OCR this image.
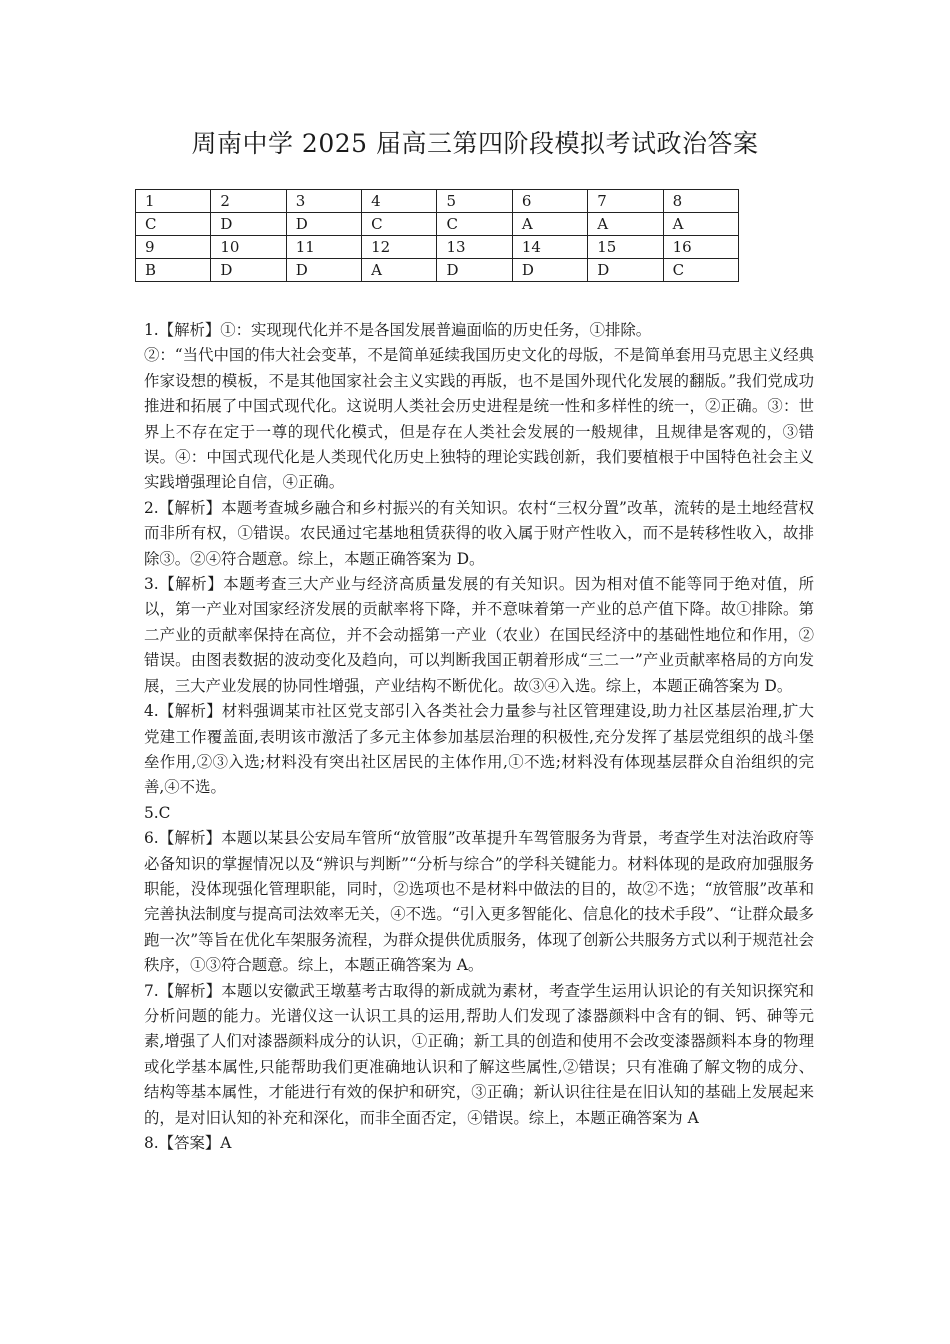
周南中学 2025 届高三第四阶段模拟考试政治答案
1	2	3	4	5	6	7	8
C	D	D	C	C	A	A	A
9	10	11	12	13	14	15	16
B	D	D	A	D	D	D	C

1.【解析】①：实现现代化并不是各国发展普遍面临的历史任务，①排除。

②：“当代中国的伟大社会变革，不是简单延续我国历史文化的母版，不是简单套用马克思主义经典作家设想的模板，不是其他国家社会主义实践的再版，也不是国外现代化发展的翻版。”我们党成功推进和拓展了中国式现代化。这说明人类社会历史进程是统一性和多样性的统一，②正确。③：世界上不存在定于一尊的现代化模式，但是存在人类社会发展的一般规律，且规律是客观的，③错误。④：中国式现代化是人类现代化历史上独特的理论实践创新，我们要植根于中国特色社会主义实践增强理论自信，④正确。

2.【解析】本题考查城乡融合和乡村振兴的有关知识。农村“三权分置”改革，流转的是土地经营权而非所有权，①错误。农民通过宅基地租赁获得的收入属于财产性收入，而不是转移性收入，故排除③。②④符合题意。综上，本题正确答案为 D。

3.【解析】本题考查三大产业与经济高质量发展的有关知识。因为相对值不能等同于绝对值，所以，第一产业对国家经济发展的贡献率将下降，并不意味着第一产业的总产值下降。故①排除。第二产业的贡献率保持在高位，并不会动摇第一产业（农业）在国民经济中的基础性地位和作用，②错误。由图表数据的波动变化及趋向，可以判断我国正朝着形成“三二一”产业贡献率格局的方向发展，三大产业发展的协同性增强，产业结构不断优化。故③④入选。综上，本题正确答案为 D。

4.【解析】材料强调某市社区党支部引入各类社会力量参与社区管理建设,助力社区基层治理,扩大党建工作覆盖面,表明该市激活了多元主体参加基层治理的积极性,充分发挥了基层党组织的战斗堡垒作用,②③入选;材料没有突出社区居民的主体作用,①不选;材料没有体现基层群众自治组织的完善,④不选。

5.C

6.【解析】本题以某县公安局车管所“放管服”改革提升车驾管服务为背景，考查学生对法治政府等必备知识的掌握情况以及“辨识与判断”“分析与综合”的学科关键能力。材料体现的是政府加强服务职能，没体现强化管理职能，同时，②选项也不是材料中做法的目的，故②不选；“放管服”改革和完善执法制度与提高司法效率无关，④不选。“引入更多智能化、信息化的技术手段”、“让群众最多跑一次”等旨在优化车架服务流程，为群众提供优质服务，体现了创新公共服务方式以利于规范社会秩序，①③符合题意。综上，本题正确答案为 A。

7.【解析】本题以安徽武王墩墓考古取得的新成就为素材，考查学生运用认识论的有关知识探究和分析问题的能力。光谱仪这一认识工具的运用,帮助人们发现了漆器颜料中含有的铜、钙、砷等元素,增强了人们对漆器颜料成分的认识，①正确；新工具的创造和使用不会改变漆器颜料本身的物理或化学基本属性,只能帮助我们更准确地认识和了解这些属性,②错误；只有准确了解文物的成分、结构等基本属性，才能进行有效的保护和研究，③正确；新认识往往是在旧认知的基础上发展起来的，是对旧认知的补充和深化，而非全面否定，④错误。综上，本题正确答案为 A

8.【答案】A
